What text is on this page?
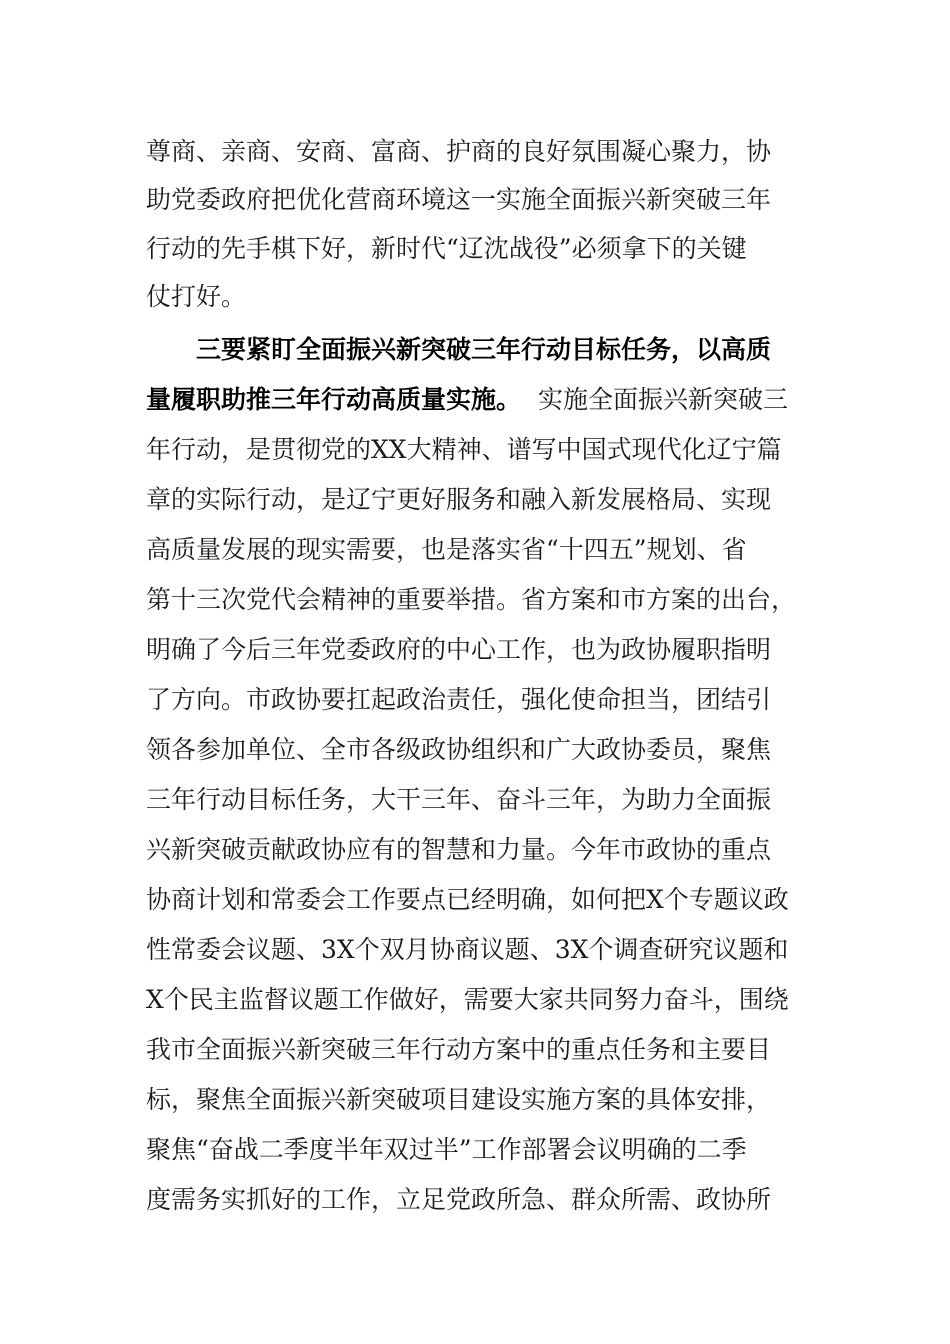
尊商、亲商、安商、富商、护商的良好氛围凝心聚力，协
助党委政府把优化营商环境这一实施全面振兴新突破三年
行动的先手棋下好，新时代“辽沈战役”必须拿下的关键
仗打好。
三要紧盯全面振兴新突破三年行动目标任务，以高质
量履职助推三年行动高质量实施。 实施全面振兴新突破三
年行动，是贯彻党的XX大精神、谱写中国式现代化辽宁篇
章的实际行动，是辽宁更好服务和融入新发展格局、实现
高质量发展的现实需要，也是落实省“十四五”规划、省
第十三次党代会精神的重要举措。省方案和市方案的出台，
明确了今后三年党委政府的中心工作，也为政协履职指明
了方向。市政协要扛起政治责任，强化使命担当，团结引
领各参加单位、全市各级政协组织和广大政协委员，聚焦
三年行动目标任务，大干三年、奋斗三年，为助力全面振
兴新突破贡献政协应有的智慧和力量。今年市政协的重点
协商计划和常委会工作要点已经明确，如何把X个专题议政
性常委会议题、3X个双月协商议题、3X个调查研究议题和
X个民主监督议题工作做好，需要大家共同努力奋斗，围绕
我市全面振兴新突破三年行动方案中的重点任务和主要目
标，聚焦全面振兴新突破项目建设实施方案的具体安排，
聚焦“奋战二季度半年双过半”工作部署会议明确的二季
度需务实抓好的工作，立足党政所急、群众所需、政协所
